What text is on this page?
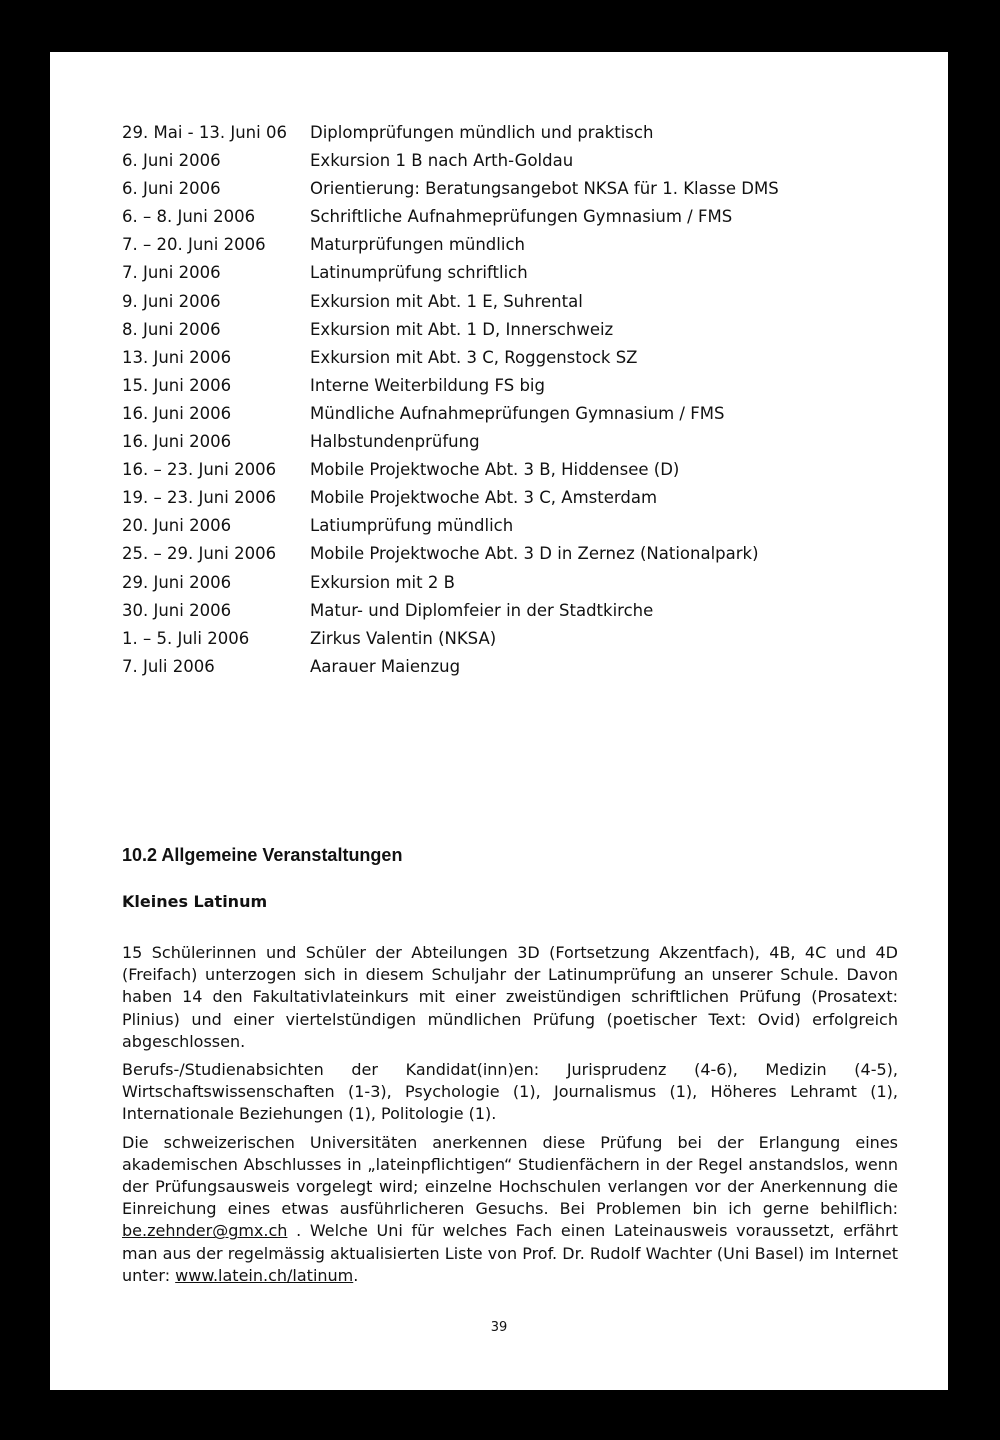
29. Mai - 13. Juni 06	Diplomprüfungen mündlich und praktisch
6. Juni 2006	Exkursion 1 B nach Arth-Goldau
6. Juni 2006	Orientierung: Beratungsangebot NKSA für 1. Klasse DMS
6. – 8. Juni 2006	Schriftliche Aufnahmeprüfungen Gymnasium / FMS
7. – 20. Juni 2006	Maturprüfungen mündlich
7. Juni 2006	Latinumprüfung schriftlich
9. Juni 2006	Exkursion mit Abt. 1 E, Suhrental
8. Juni 2006	Exkursion mit Abt. 1 D, Innerschweiz
13. Juni 2006	Exkursion mit Abt. 3 C, Roggenstock SZ
15. Juni 2006	Interne Weiterbildung FS big
16. Juni 2006	Mündliche Aufnahmeprüfungen Gymnasium / FMS
16. Juni 2006	Halbstundenprüfung
16. – 23. Juni 2006	Mobile Projektwoche Abt. 3 B, Hiddensee (D)
19. – 23. Juni 2006	Mobile Projektwoche Abt. 3 C, Amsterdam
20. Juni 2006	Latiumprüfung mündlich
25. – 29. Juni 2006	Mobile Projektwoche Abt. 3 D in Zernez (Nationalpark)
29. Juni 2006	Exkursion mit 2 B
30. Juni 2006	Matur- und Diplomfeier in der Stadtkirche
1. – 5. Juli 2006	Zirkus Valentin (NKSA)
7. Juli 2006	Aarauer Maienzug
10.2 Allgemeine Veranstaltungen
Kleines Latinum

15 Schülerinnen und Schüler der Abteilungen 3D (Fortsetzung Akzentfach), 4B, 4C und 4D (Freifach) unterzogen sich in diesem Schuljahr der Latinumprüfung an unserer Schule. Davon haben 14 den Fakultativlateinkurs mit einer zweistündigen schriftlichen Prüfung (Prosatext: Plinius) und einer viertelstündigen mündlichen Prüfung (poetischer Text: Ovid) erfolgreich abgeschlossen.

Berufs-/Studienabsichten der Kandidat(inn)en: Jurisprudenz (4-6), Medizin (4-5), Wirtschaftswissenschaften (1-3), Psychologie (1), Journalismus (1), Höheres Lehramt (1), Internationale Beziehungen (1), Politologie (1).

Die schweizerischen Universitäten anerkennen diese Prüfung bei der Erlangung eines akademischen Abschlusses in „lateinpflichtigen“ Studienfächern in der Regel anstandslos, wenn der Prüfungsausweis vorgelegt wird; einzelne Hochschulen verlangen vor der Anerkennung die Einreichung eines etwas ausführlicheren Gesuchs. Bei Problemen bin ich gerne behilflich: be.zehnder@gmx.ch . Welche Uni für welches Fach einen Lateinausweis voraussetzt, erfährt man aus der regelmässig aktualisierten Liste von Prof. Dr. Rudolf Wachter (Uni Basel) im Internet unter: www.latein.ch/latinum.

39
